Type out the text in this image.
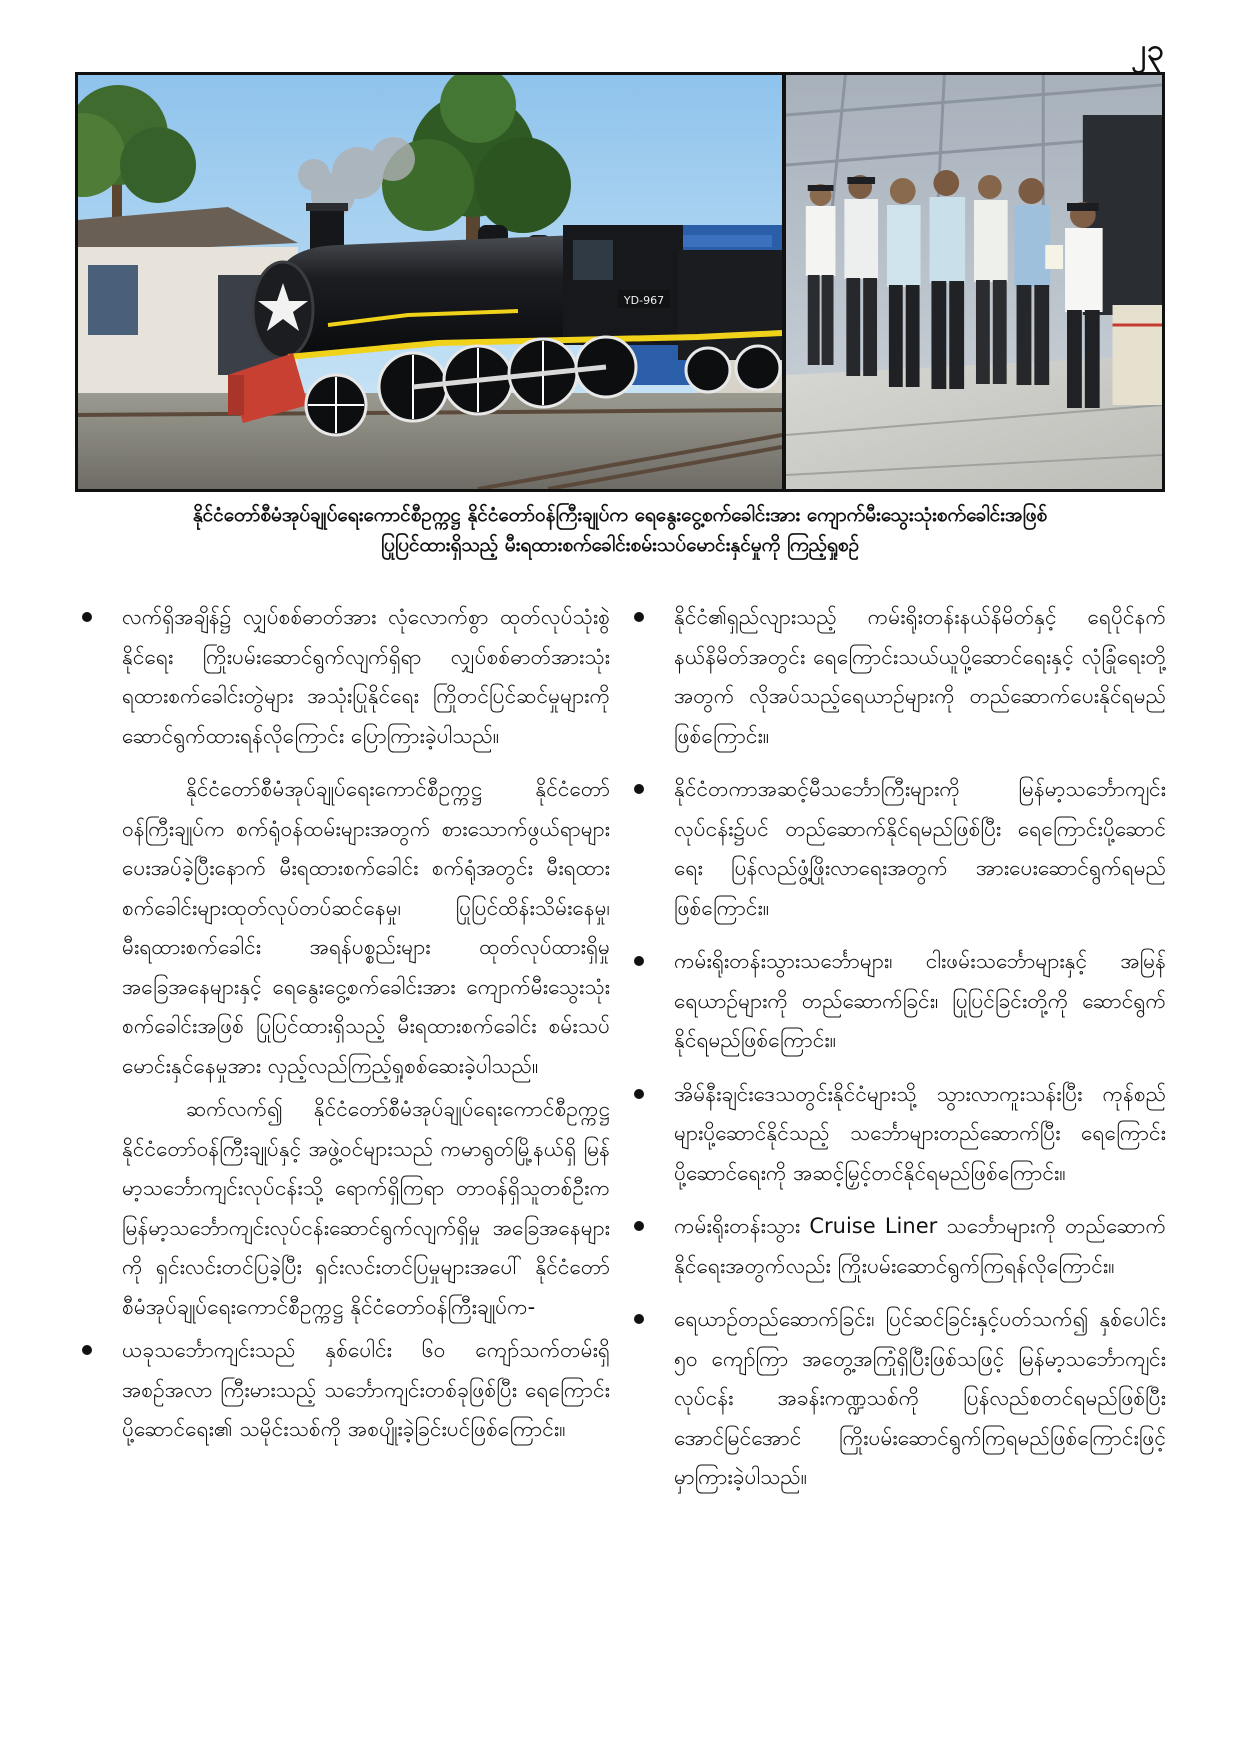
၂၃
YD-967
နိုင်ငံတော်စီမံအုပ်ချုပ်ရေးကောင်စီဥက္ကဋ္ဌ နိုင်ငံတော်ဝန်ကြီးချုပ်က ရေနွေးငွေ့စက်ခေါင်းအား ကျောက်မီးသွေးသုံးစက်ခေါင်းအဖြစ်
ပြုပြင်ထားရှိသည့် မီးရထားစက်ခေါင်းစမ်းသပ်မောင်းနှင်မှုကို ကြည့်ရှုစဉ်
လက်ရှိအချိန်၌ လျှပ်စစ်ဓာတ်အား လုံလောက်စွာ ထုတ်လုပ်သုံးစွဲနိုင်ရေး ကြိုးပမ်းဆောင်ရွက်လျက်ရှိရာ လျှပ်စစ်ဓာတ်အားသုံး ရထားစက်ခေါင်းတွဲများ အသုံးပြုနိုင်ရေး ကြိုတင်ပြင်ဆင်မှုများကို ဆောင်ရွက်ထားရန်လိုကြောင်း ပြောကြားခဲ့ပါသည်။

နိုင်ငံတော်စီမံအုပ်ချုပ်ရေးကောင်စီဥက္ကဋ္ဌ နိုင်ငံတော်ဝန်ကြီးချုပ်က စက်ရုံဝန်ထမ်းများအတွက် စားသောက်ဖွယ်ရာများ ပေးအပ်ခဲ့ပြီးနောက် မီးရထားစက်ခေါင်း စက်ရုံအတွင်း မီးရထားစက်ခေါင်းများထုတ်လုပ်တပ်ဆင်နေမှု၊ ပြုပြင်ထိန်းသိမ်းနေမှု၊ မီးရထားစက်ခေါင်း အရန်ပစ္စည်းများ ထုတ်လုပ်ထားရှိမှုအခြေအနေများနှင့် ရေနွေးငွေ့စက်ခေါင်းအား ကျောက်မီးသွေးသုံးစက်ခေါင်းအဖြစ် ပြုပြင်ထားရှိသည့် မီးရထားစက်ခေါင်း စမ်းသပ်မောင်းနှင်နေမှုအား လှည့်လည်ကြည့်ရှုစစ်ဆေးခဲ့ပါသည်။

ဆက်လက်၍ နိုင်ငံတော်စီမံအုပ်ချုပ်ရေးကောင်စီဥက္ကဋ္ဌ နိုင်ငံတော်ဝန်ကြီးချုပ်နှင့် အဖွဲ့ဝင်များသည် ကမာရွတ်မြို့နယ်ရှိ မြန်မာ့သင်္ဘောကျင်းလုပ်ငန်းသို့ ရောက်ရှိကြရာ တာဝန်ရှိသူတစ်ဦးက မြန်မာ့သင်္ဘောကျင်းလုပ်ငန်းဆောင်ရွက်လျက်ရှိမှု အခြေအနေများကို ရှင်းလင်းတင်ပြခဲ့ပြီး ရှင်းလင်းတင်ပြမှုများအပေါ် နိုင်ငံတော်စီမံအုပ်ချုပ်ရေးကောင်စီဥက္ကဋ္ဌ နိုင်ငံတော်ဝန်ကြီးချုပ်က-

ယခုသင်္ဘောကျင်းသည် နှစ်ပေါင်း ၆၀ ကျော်သက်တမ်းရှိ အစဉ်အလာ ကြီးမားသည့် သင်္ဘောကျင်းတစ်ခုဖြစ်ပြီး ရေကြောင်းပို့ဆောင်ရေး၏ သမိုင်းသစ်ကို အစပျိုးခဲ့ခြင်းပင်ဖြစ်ကြောင်း။
နိုင်ငံ၏ရှည်လျားသည့် ကမ်းရိုးတန်းနယ်နိမိတ်နှင့် ရေပိုင်နက်နယ်နိမိတ်အတွင်း ရေကြောင်းသယ်ယူပို့ဆောင်ရေးနှင့် လုံခြုံရေးတို့အတွက် လိုအပ်သည့်ရေယာဉ်များကို တည်ဆောက်ပေးနိုင်ရမည်ဖြစ်ကြောင်း။
နိုင်ငံတကာအဆင့်မီသင်္ဘောကြီးများကို မြန်မာ့သင်္ဘောကျင်းလုပ်ငန်း၌ပင် တည်ဆောက်နိုင်ရမည်ဖြစ်ပြီး ရေကြောင်းပို့ဆောင်ရေး ပြန်လည်ဖွံ့ဖြိုးလာရေးအတွက် အားပေးဆောင်ရွက်ရမည်ဖြစ်ကြောင်း။
ကမ်းရိုးတန်းသွားသင်္ဘောများ၊ ငါးဖမ်းသင်္ဘောများနှင့် အမြန်ရေယာဉ်များကို တည်ဆောက်ခြင်း၊ ပြုပြင်ခြင်းတို့ကို ဆောင်ရွက်နိုင်ရမည်ဖြစ်ကြောင်း။
အိမ်နီးချင်းဒေသတွင်းနိုင်ငံများသို့ သွားလာကူးသန်းပြီး ကုန်စည်များပို့ဆောင်နိုင်သည့် သင်္ဘောများတည်ဆောက်ပြီး ရေကြောင်းပို့ဆောင်ရေးကို အဆင့်မြှင့်တင်နိုင်ရမည်ဖြစ်ကြောင်း။
ကမ်းရိုးတန်းသွား Cruise Liner သင်္ဘောများကို တည်ဆောက်နိုင်ရေးအတွက်လည်း ကြိုးပမ်းဆောင်ရွက်ကြရန်လိုကြောင်း။
ရေယာဉ်တည်ဆောက်ခြင်း၊ ပြင်ဆင်ခြင်းနှင့်ပတ်သက်၍ နှစ်ပေါင်း ၅၀ ကျော်ကြာ အတွေ့အကြုံရှိပြီးဖြစ်သဖြင့် မြန်မာ့သင်္ဘောကျင်းလုပ်ငန်း အခန်းကဏ္ဍသစ်ကို ပြန်လည်စတင်ရမည်ဖြစ်ပြီး အောင်မြင်အောင် ကြိုးပမ်းဆောင်ရွက်ကြရမည်ဖြစ်ကြောင်းဖြင့် မှာကြားခဲ့ပါသည်။
